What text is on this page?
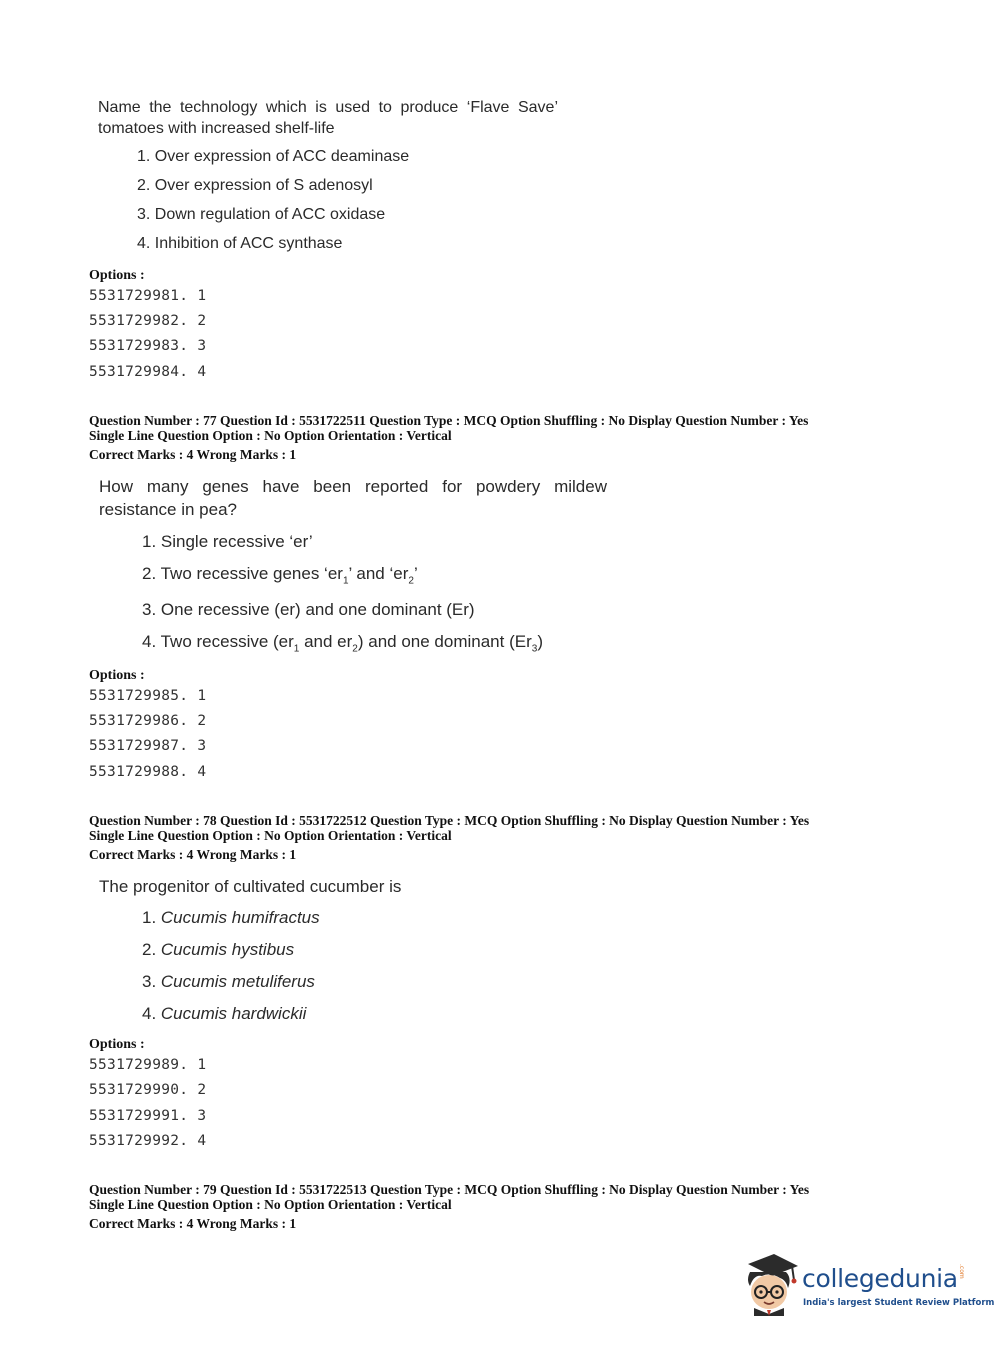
Name the technology which is used to produce ‘Flave Save’ tomatoes with increased shelf-life
1. Over expression of ACC deaminase
2. Over expression of S adenosyl
3. Down regulation of ACC oxidase
4. Inhibition of ACC synthase
Options :
5531729981. 1
5531729982. 2
5531729983. 3
5531729984. 4
Question Number : 77 Question Id : 5531722511 Question Type : MCQ Option Shuffling : No Display Question Number : Yes
Single Line Question Option : No Option Orientation : Vertical
Correct Marks : 4 Wrong Marks : 1
How many genes have been reported for powdery mildew resistance in pea?
1. Single recessive ‘er’
2. Two recessive genes ‘$er_1$’ and ‘$er_2$’
3. One recessive (er) and one dominant (Er)
4. Two recessive ($er_1$ and $er_2$) and one dominant $(Er_3)$
Options :
5531729985. 1
5531729986. 2
5531729987. 3
5531729988. 4
Question Number : 78 Question Id : 5531722512 Question Type : MCQ Option Shuffling : No Display Question Number : Yes
Single Line Question Option : No Option Orientation : Vertical
Correct Marks : 4 Wrong Marks : 1
The progenitor of cultivated cucumber is
1. Cucumis humifractus
2. Cucumis hystibus
3. Cucumis metuliferus
4. Cucumis hardwickii
Options :
5531729989. 1
5531729990. 2
5531729991. 3
5531729992. 4
Question Number : 79 Question Id : 5531722513 Question Type : MCQ Option Shuffling : No Display Question Number : Yes
Single Line Question Option : No Option Orientation : Vertical
Correct Marks : 4 Wrong Marks : 1
collegedunia .com
India's largest Student Review Platform
